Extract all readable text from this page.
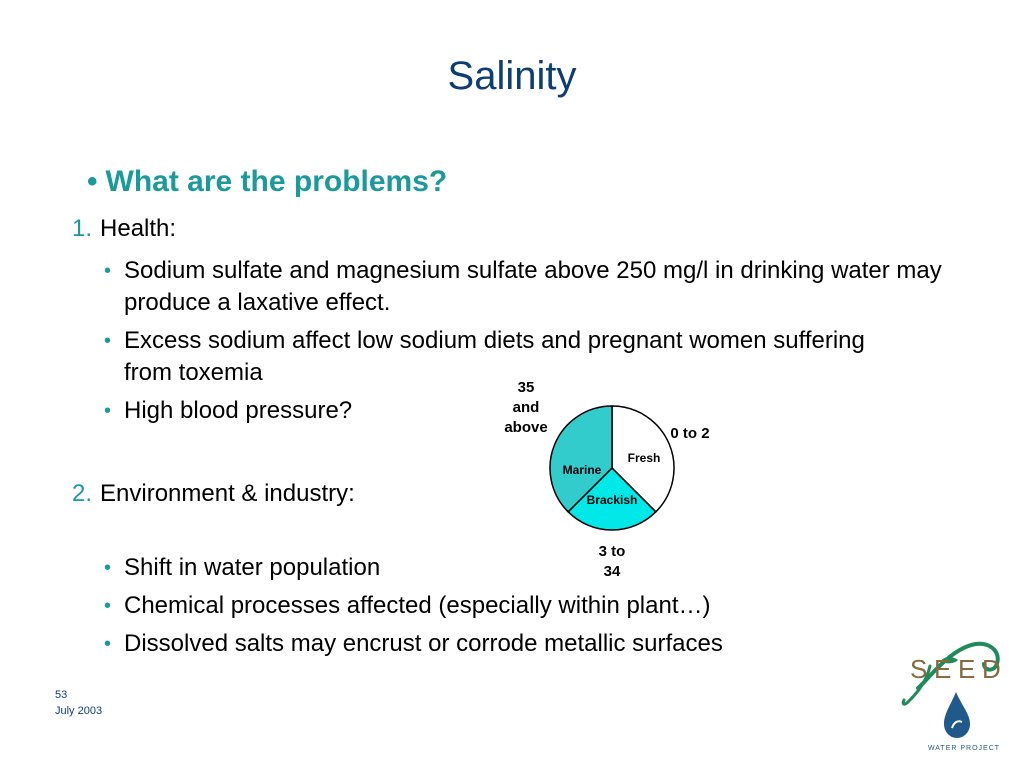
Salinity
• What are the problems?
1. Health:
• Sodium sulfate and magnesium sulfate above 250 mg/l in drinking water may produce a laxative effect.
• Excess sodium affect low sodium diets and pregnant women suffering from toxemia
• High blood pressure?
2. Environment & industry:
• Shift in water population
• Chemical processes affected (especially within plant…)
• Dissolved salts may encrust or corrode metallic surfaces
Fresh
0 to 2
Brackish
3 to
34
Marine
35
and
above
53
July 2003
S E E D
WATER PROJECT
